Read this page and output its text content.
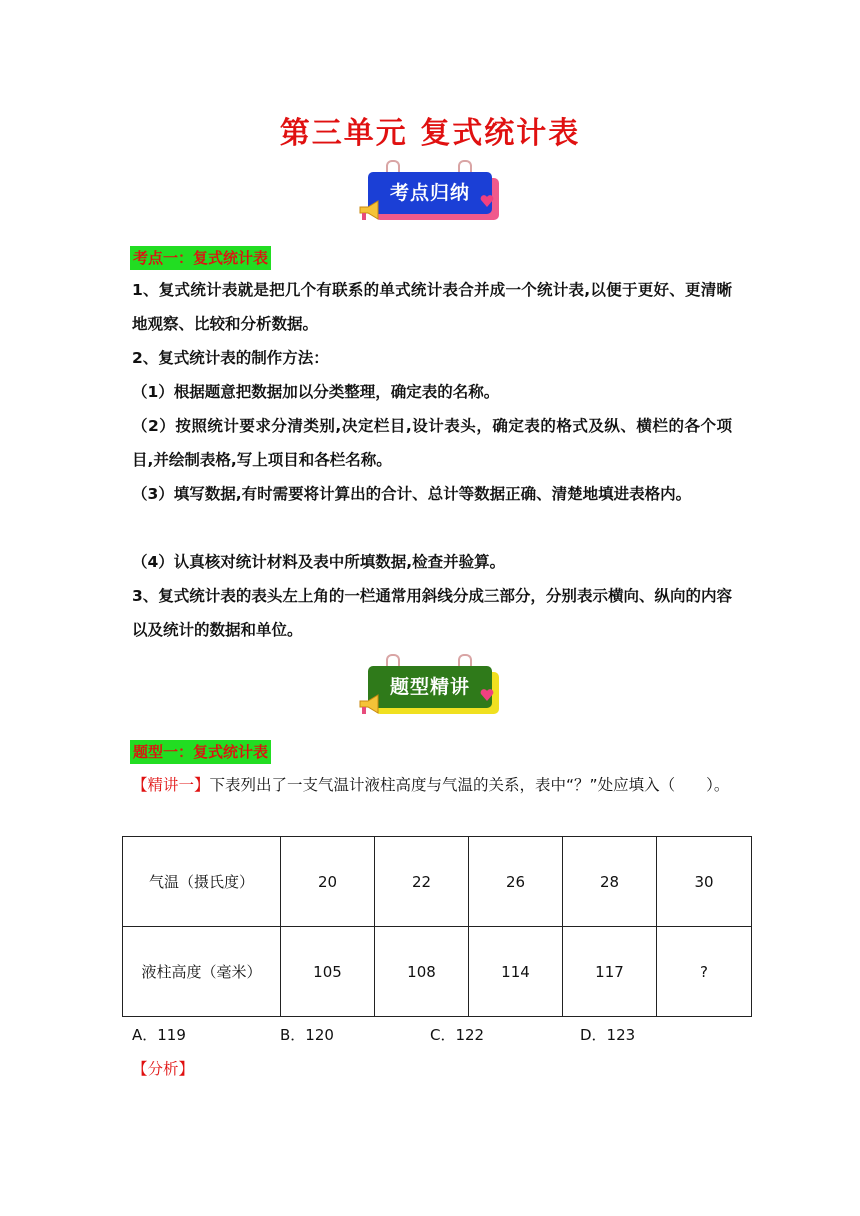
第三单元 复式统计表
考点归纳
考点一：复式统计表
1、复式统计表就是把几个有联系的单式统计表合并成一个统计表,以便于更好、更清晰地观察、比较和分析数据。
2、复式统计表的制作方法：
（1）根据题意把数据加以分类整理，确定表的名称。
（2）按照统计要求分清类别,决定栏目,设计表头，确定表的格式及纵、横栏的各个项目,并绘制表格,写上项目和各栏名称。
（3）填写数据,有时需要将计算出的合计、总计等数据正确、清楚地填进表格内。
（4）认真核对统计材料及表中所填数据,检查并验算。
3、复式统计表的表头左上角的一栏通常用斜线分成三部分，分别表示横向、纵向的内容以及统计的数据和单位。
题型精讲
题型一：复式统计表
【精讲一】下表列出了一支气温计液柱高度与气温的关系，表中“？”处应填入（　　）。
气温（摄氏度）	20	22	26	28	30
液柱高度（毫米）	105	108	114	117	?
A．119	B．120	C．122	D．123
【分析】
